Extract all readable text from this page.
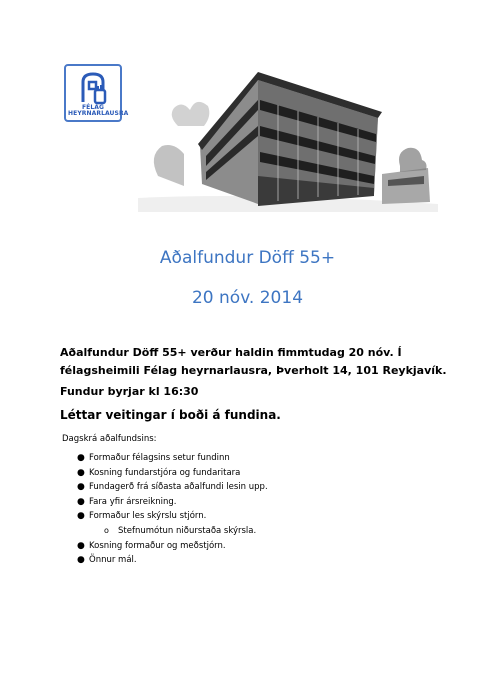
FÉLAG
HEYRNARLAUSRA
Aðalfundur Döff 55+
20 nóv. 2014
Aðalfundur Döff 55+ verður haldin fimmtudag 20 nóv. Í félagsheimili Félag heyrnarlausra, Þverholt 14, 101 Reykjavík.
Fundur byrjar kl 16:30
Léttar veitingar í boði á fundina.
Dagskrá aðalfundsins:
● Formaður félagsins setur fundinn
● Kosning fundarstjóra og fundaritara
● Fundagerð frá síðasta aðalfundi lesin upp.
● Fara yfir ársreikning.
● Formaður les skýrslu stjórn.
o Stefnumótun niðurstaða skýrsla.
● Kosning formaður og meðstjórn.
● Önnur mál.
